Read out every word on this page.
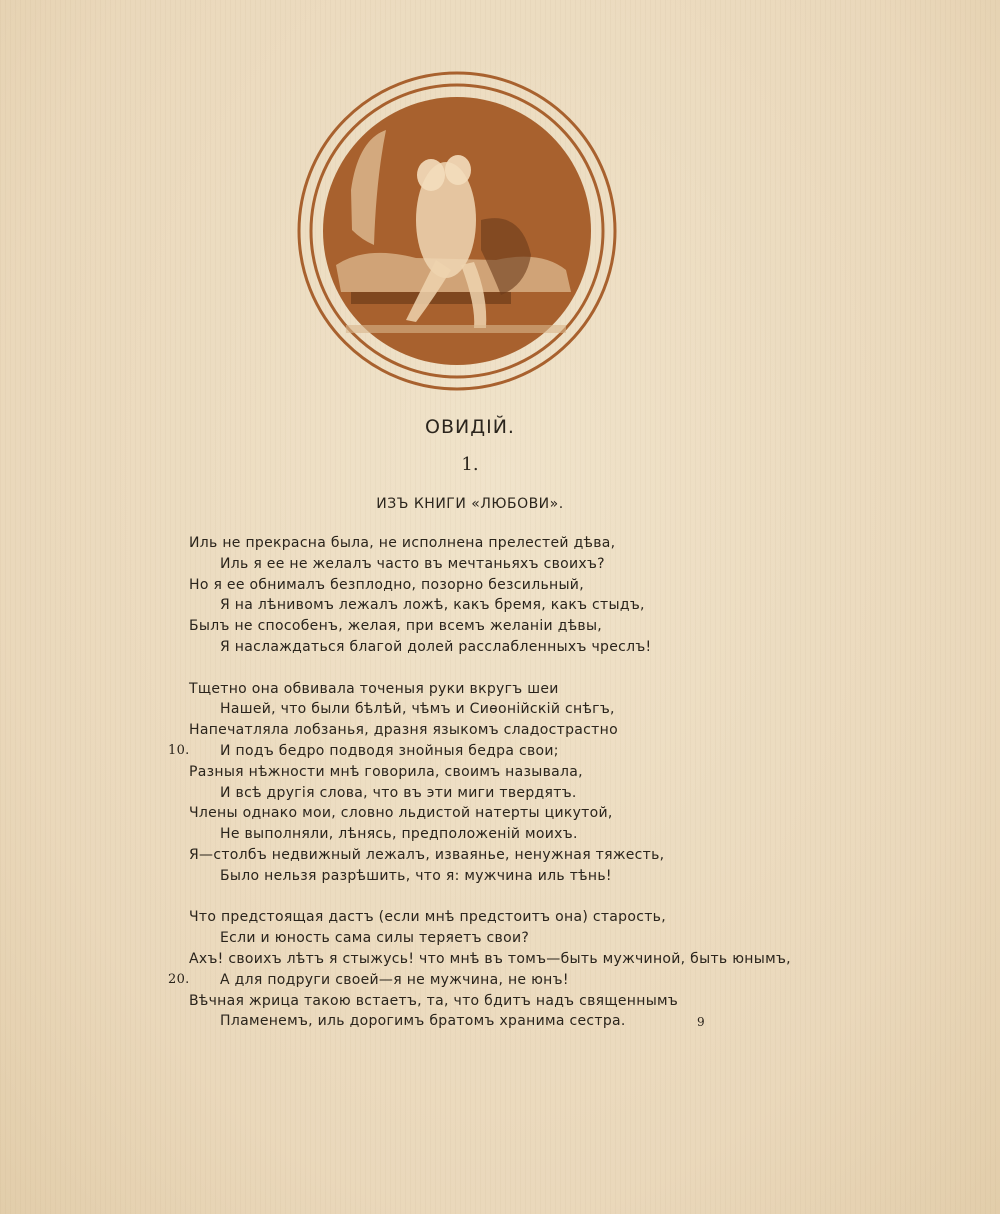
ОВИДІЙ.
1.
ИЗЪ КНИГИ «ЛЮБОВИ».
Иль не прекрасна была, не исполнена прелестей дѣва,
Иль я ее не желалъ часто въ мечтаньяхъ своихъ?
Но я ее обнималъ безплодно, позорно безсильный,
Я на лѣнивомъ лежалъ ложѣ, какъ бремя, какъ стыдъ,
Былъ не способенъ, желая, при всемъ желаніи дѣвы,
Я наслаждаться благой долей расслабленныхъ чреслъ!
Тщетно она обвивала точеныя руки вкругъ шеи
Нашей, что были бѣлѣй, чѣмъ и Сиѳонійскій снѣгъ,
Напечатляла лобзанья, дразня языкомъ сладострастно
10. И подъ бедро подводя знойныя бедра свои;
Разныя нѣжности мнѣ говорила, своимъ называла,
И всѣ другія слова, что въ эти миги твердятъ.
Члены однако мои, словно льдистой натерты цикутой,
Не выполняли, лѣнясь, предположеній моихъ.
Я—столбъ недвижный лежалъ, изваянье, ненужная тяжесть,
Было нельзя разрѣшить, что я: мужчина иль тѣнь!
Что предстоящая дастъ (если мнѣ предстоитъ она) старость,
Если и юность сама силы теряетъ свои?
Ахъ! своихъ лѣтъ я стыжусь! что мнѣ въ томъ—быть мужчиной, быть юнымъ,
20. А для подруги своей—я не мужчина, не юнъ!
Вѣчная жрица такою встаетъ, та, что бдитъ надъ священнымъ
Пламенемъ, иль дорогимъ братомъ хранима сестра.	9
